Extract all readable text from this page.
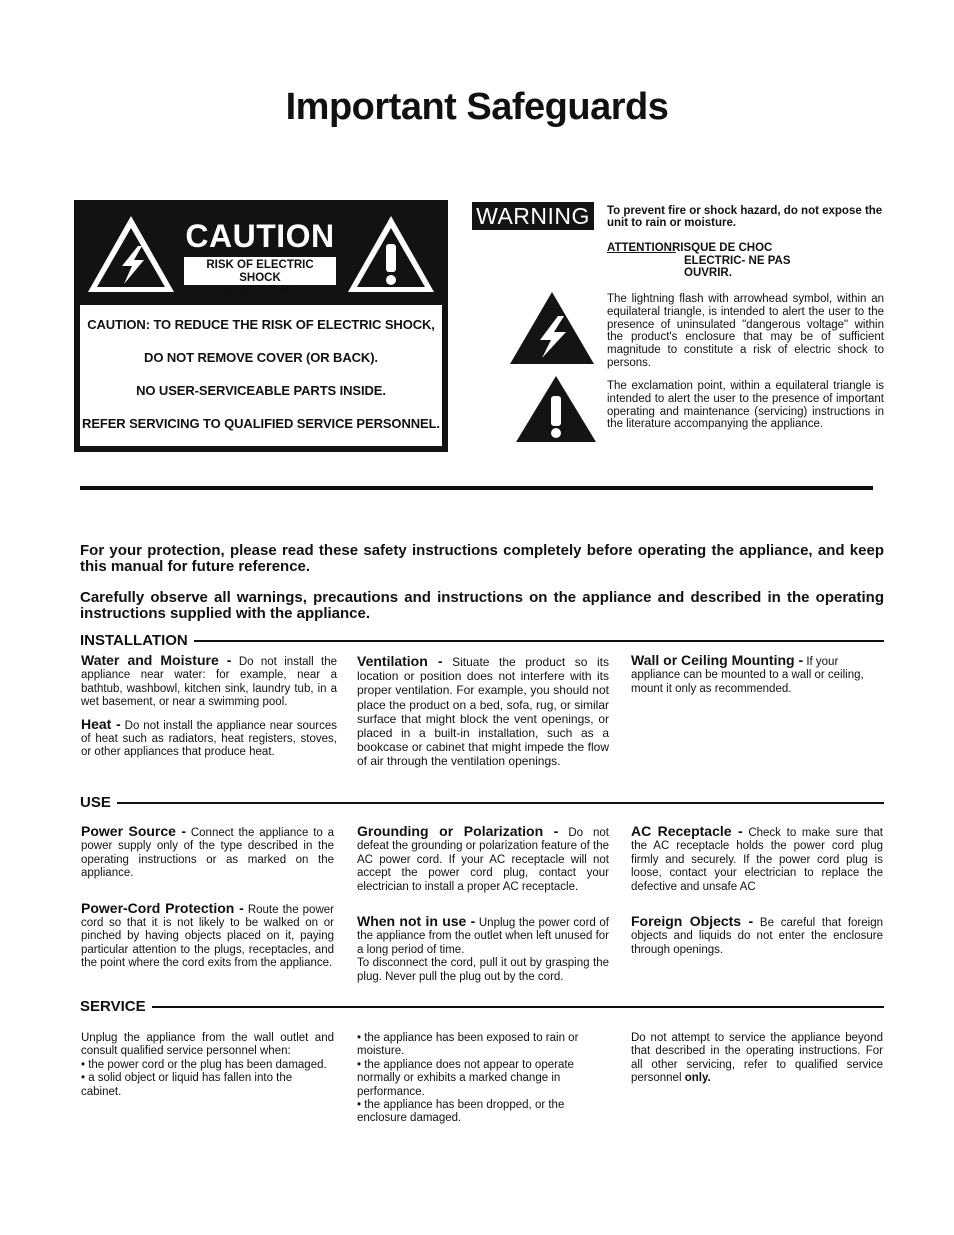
Important Safeguards
CAUTION
RISK OF ELECTRIC SHOCK
DO NOT OPEN
CAUTION: TO REDUCE THE RISK OF ELECTRIC SHOCK,
DO NOT REMOVE COVER (OR BACK).
NO USER-SERVICEABLE PARTS INSIDE.
REFER SERVICING TO QUALIFIED SERVICE PERSONNEL.
WARNING	To prevent fire or shock hazard, do not expose the unit to rain or moisture.
ATTENTION:
RISQUE DE CHOC
ELECTRIC- NE PAS
OUVRIR.
The lightning flash with arrowhead symbol, within an equilateral triangle, is intended to alert the user to the presence of uninsulated "dangerous voltage" within the product's enclosure that may be of sufficient magnitude to constitute a risk of electric shock to persons.
The exclamation point, within a equilateral triangle is intended to alert the user to the presence of important operating and maintenance (servicing) instructions in the literature accompanying the appliance.
For your protection, please read these safety instructions completely before operating the appliance, and keep this manual for future reference.
Carefully observe all warnings, precautions and instructions on the appliance and described in the operating instructions supplied with the appliance.
INSTALLATION

Water and Moisture - Do not install the appliance near water: for example, near a bathtub, washbowl, kitchen sink, laundry tub, in a wet basement, or near a swimming pool.

Heat - Do not install the appliance near sources of heat such as radiators, heat registers, stoves, or other appliances that produce heat.

Ventilation - Situate the product so its location or position does not interfere with its proper ventilation. For example, you should not place the product on a bed, sofa, rug, or similar surface that might block the vent openings, or placed in a built-in installation, such as a bookcase or cabinet that might impede the flow of air through the ventilation openings.

Wall or Ceiling Mounting - If your appliance can be mounted to a wall or ceiling, mount it only as recommended.

USE

Power Source - Connect the appliance to a power supply only of the type described in the operating instructions or as marked on the appliance.

Power-Cord Protection - Route the power cord so that it is not likely to be walked on or pinched by having objects placed on it, paying particular attention to the plugs, receptacles, and the point where the cord exits from the appliance.

Grounding or Polarization - Do not defeat the grounding or polarization feature of the AC power cord. If your AC receptacle will not accept the power cord plug, contact your electrician to install a proper AC receptacle.

When not in use - Unplug the power cord of the appliance from the outlet when left unused for a long period of time.

To disconnect the cord, pull it out by grasping the plug. Never pull the plug out by the cord.

AC Receptacle - Check to make sure that the AC receptacle holds the power cord plug firmly and securely. If the power cord plug is loose, contact your electrician to replace the defective and unsafe AC

Foreign Objects - Be careful that foreign objects and liquids do not enter the enclosure through openings.

SERVICE

Unplug the appliance from the wall outlet and consult qualified service personnel when:

• the power cord or the plug has been damaged.

• a solid object or liquid has fallen into the cabinet.

• the appliance has been exposed to rain or moisture.

• the appliance does not appear to operate normally or exhibits a marked change in performance.

• the appliance has been dropped, or the enclosure damaged.

Do not attempt to service the appliance beyond that described in the operating instructions. For all other servicing, refer to qualified service personnel only.
